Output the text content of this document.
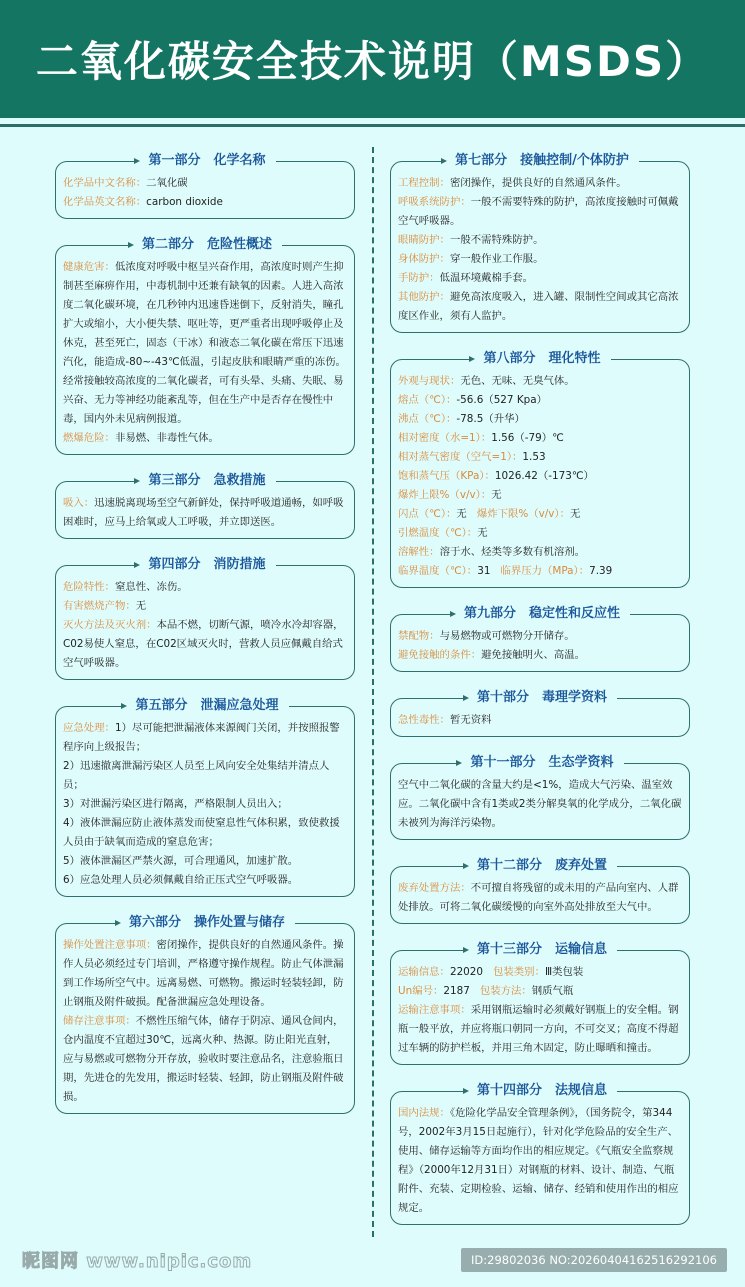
二氧化碳安全技术说明（MSDS）
第一部分　化学名称
化学品中文名称：二氧化碳
化学品英文名称：carbon dioxide
第二部分　危险性概述
健康危害：低浓度对呼吸中枢呈兴奋作用，高浓度时则产生抑制甚至麻痹作用，中毒机制中还兼有缺氧的因素。人进入高浓度二氧化碳环境，在几秒钟内迅速昏迷倒下，反射消失，瞳孔扩大或缩小，大小便失禁、呕吐等，更严重者出现呼吸停止及休克，甚至死亡，固态（干冰）和液态二氧化碳在常压下迅速汽化，能造成-80~-43℃低温，引起皮肤和眼睛严重的冻伤。经常接触较高浓度的二氧化碳者，可有头晕、头痛、失眠、易兴奋、无力等神经功能紊乱等，但在生产中是否存在慢性中毒，国内外未见病例报道。
燃爆危险：非易燃、非毒性气体。
第三部分　急救措施
吸入：迅速脱离现场至空气新鲜处，保持呼吸道通畅，如呼吸困难时，应马上给氧或人工呼吸，并立即送医。
第四部分　消防措施
危险特性：窒息性、冻伤。
有害燃烧产物：无
灭火方法及灭火剂：本品不燃，切断气源，喷冷水冷却容器，C02易使人窒息，在C02区域灭火时，营救人员应佩戴自给式空气呼吸器。
第五部分　泄漏应急处理
应急处理：1）尽可能把泄漏液体来源阀门关闭，并按照报警程序向上级报告；
2）迅速撤离泄漏污染区人员至上风向安全处集结并清点人员；
3）对泄漏污染区进行隔离，严格限制人员出入；
4）液体泄漏应防止液体蒸发而使窒息性气体积累，致使救援人员由于缺氧而造成的窒息危害；
5）液体泄漏区严禁火源，可合理通风，加速扩散。
6）应急处理人员必须佩戴自给正压式空气呼吸器。
第六部分　操作处置与储存
操作处置注意事项：密闭操作，提供良好的自然通风条件。操作人员必须经过专门培训，严格遵守操作规程。防止气体泄漏到工作场所空气中。远离易燃、可燃物。搬运时轻装轻卸，防止钢瓶及附件破损。配备泄漏应急处理设备。
储存注意事项：不燃性压缩气体，储存于阴凉、通风仓间内，仓内温度不宜超过30℃，远离火种、热源。防止阳光直射，应与易燃或可燃物分开存放，验收时要注意品名，注意验瓶日期，先进仓的先发用，搬运时轻装、轻卸，防止钢瓶及附件破损。
第七部分　接触控制/个体防护
工程控制：密闭操作，提供良好的自然通风条件。
呼吸系统防护：一般不需要特殊的防护，高浓度接触时可佩戴空气呼吸器。
眼睛防护：一般不需特殊防护。
身体防护：穿一般作业工作服。
手防护：低温环境戴棉手套。
其他防护：避免高浓度吸入，进入罐、限制性空间或其它高浓度区作业，须有人监护。
第八部分　理化特性
外观与现状：无色、无味、无臭气体。
熔点（℃）：-56.6（527 Kpa）
沸点（℃）：-78.5（升华）
相对密度（水=1）：1.56（-79）℃
相对蒸气密度（空气=1）：1.53
饱和蒸气压（KPa）：1026.42（-173℃）
爆炸上限%（v/v）：无
闪点（℃）：无 爆炸下限%（v/v）：无
引燃温度（℃）：无
溶解性：溶于水、烃类等多数有机溶剂。
临界温度（℃）：31 临界压力（MPa）：7.39
第九部分　稳定性和反应性
禁配物：与易燃物或可燃物分开储存。
避免接触的条件：避免接触明火、高温。
第十部分　毒理学资料
急性毒性：暂无资料
第十一部分　生态学资料
空气中二氧化碳的含量大约是<1%，造成大气污染、温室效应。二氧化碳中含有1类或2类分解臭氧的化学成分，二氧化碳未被列为海洋污染物。
第十二部分　废弃处置
废弃处置方法：不可擅自将残留的或未用的产品向室内、人群处排放。可将二氧化碳缓慢的向室外高处排放至大气中。
第十三部分　运输信息
运输信息：22020 包装类别：Ⅲ类包装
Un编号：2187 包装方法：钢质气瓶
运输注意事项：采用钢瓶运输时必须戴好钢瓶上的安全帽。钢瓶一般平放，并应将瓶口朝同一方向，不可交叉；高度不得超过车辆的防护栏板，并用三角木固定，防止曝晒和撞击。
第十四部分　法规信息
国内法规：《危险化学品安全管理条例》，（国务院令，第344号，2002年3月15日起施行），针对化学危险品的安全生产、使用、储存运输等方面均作出的相应规定。《气瓶安全监察规程》（2000年12月31日）对钢瓶的材料、设计、制造、气瓶附件、充装、定期检验、运输、储存、经销和使用作出的相应规定。
昵图网 www.nipic.com	ID:29802036 NO:20260404162516292106
